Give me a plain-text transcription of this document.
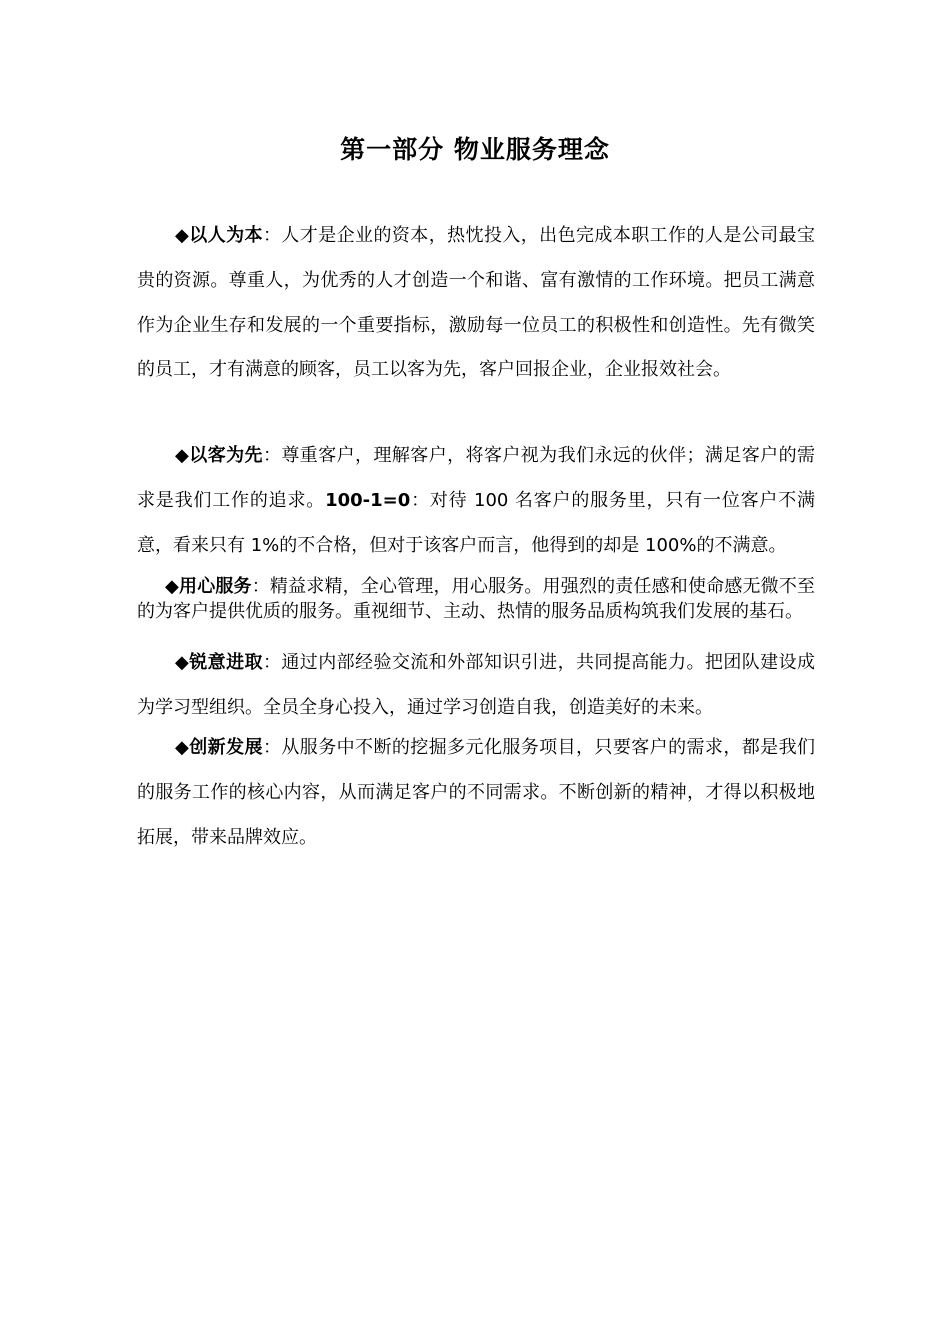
第一部分 物业服务理念

◆以人为本：人才是企业的资本，热忱投入，出色完成本职工作的人是公司最宝贵的资源。尊重人，为优秀的人才创造一个和谐、富有激情的工作环境。把员工满意作为企业生存和发展的一个重要指标，激励每一位员工的积极性和创造性。先有微笑的员工，才有满意的顾客，员工以客为先，客户回报企业，企业报效社会。

◆以客为先：尊重客户，理解客户，将客户视为我们永远的伙伴；满足客户的需求是我们工作的追求。100-1=0：对待 100 名客户的服务里，只有一位客户不满意，看来只有 1%的不合格，但对于该客户而言，他得到的却是 100%的不满意。

◆用心服务：精益求精，全心管理，用心服务。用强烈的责任感和使命感无微不至的为客户提供优质的服务。重视细节、主动、热情的服务品质构筑我们发展的基石。

◆锐意进取：通过内部经验交流和外部知识引进，共同提高能力。把团队建设成为学习型组织。全员全身心投入，通过学习创造自我，创造美好的未来。

◆创新发展：从服务中不断的挖掘多元化服务项目，只要客户的需求，都是我们的服务工作的核心内容，从而满足客户的不同需求。不断创新的精神，才得以积极地拓展，带来品牌效应。
